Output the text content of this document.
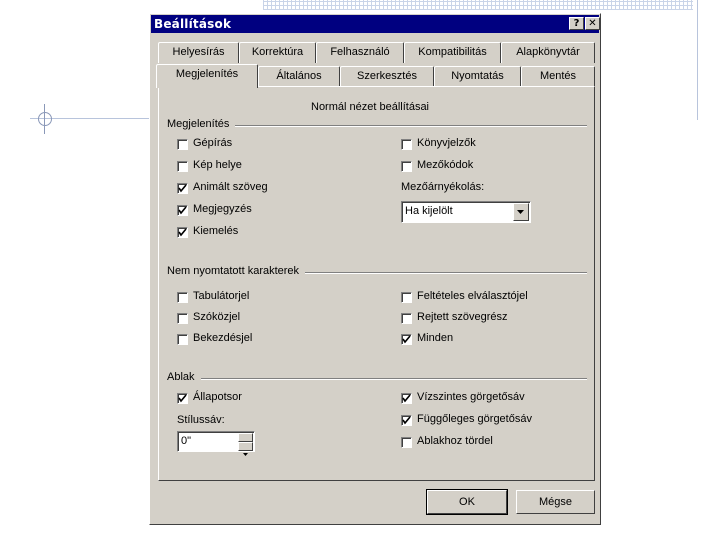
Beállítások	? ✕
Helyesírás	Korrektúra	Felhasználó	Kompatibilitás	Alapkönyvtár
Megjelenítés	Általános	Szerkesztés	Nyomtatás	Mentés
Normál nézet beállításai
Megjelenítés
Gépírás
Kép helye
Animált szöveg
Megjegyzés
Kiemelés
Könyvjelzők
Mezőkódok
Mezőárnyékolás:
Ha kijelölt
Nem nyomtatott karakterek
Tabulátorjel
Szóközjel
Bekezdésjel
Feltételes elválasztójel
Rejtett szövegrész
Minden
Ablak
Állapotsor
Stílussáv:
0"
Vízszintes görgetősáv
Függőleges görgetősáv
Ablakhoz tördel
OK	Mégse
